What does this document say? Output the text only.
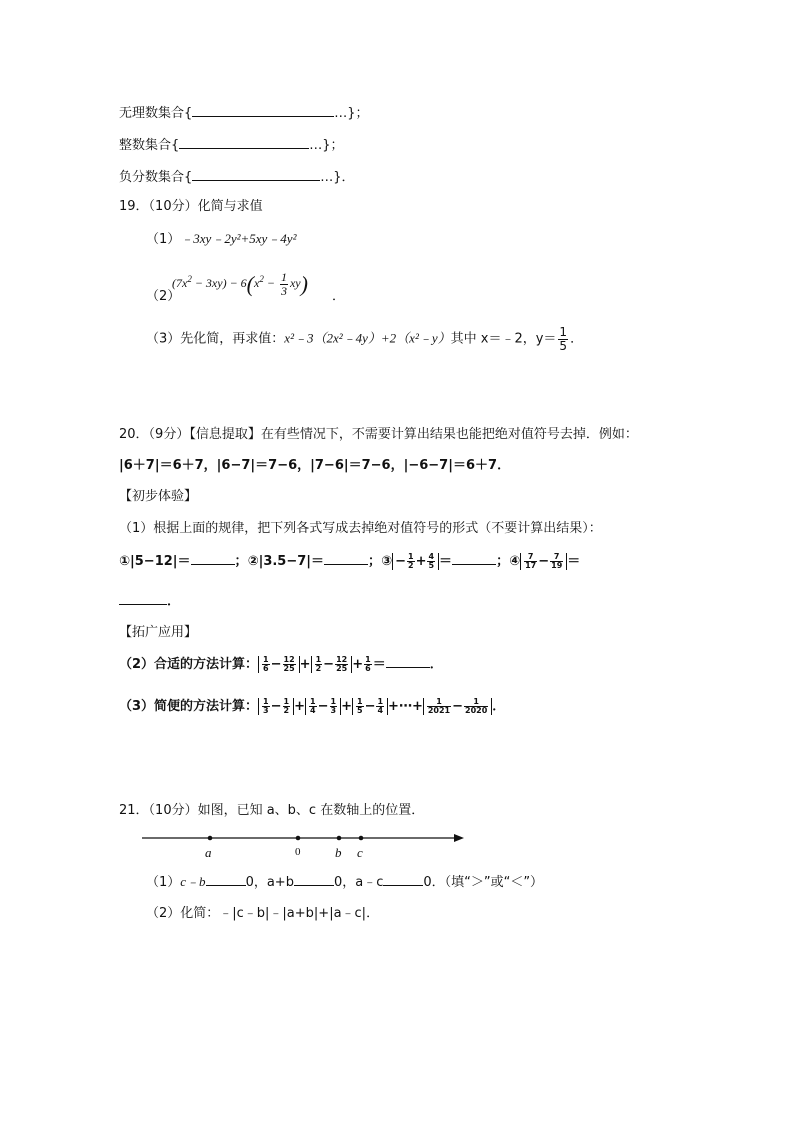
无理数集合{	…}；
整数集合{	…}；
负分数集合{	…}．
19．（10分）化简与求值
（1）﹣3xy﹣2y²+5xy﹣4y²
（2）
$(7x^2 - 3xy) - 6(x^2 - \frac{1}{3} xy)$
．
（3）先化简，再求值：x²﹣3（2x²﹣4y）+2（x²﹣y）其中 x＝﹣2，$y= \frac{1}{5}$ ．
20．（9分）【信息提取】在有些情况下，不需要计算出结果也能把绝对值符号去掉．例如：
|6＋7|＝6＋7，|6−7|＝7−6，|7−6|＝7−6，|−6−7|＝6＋7．
【初步体验】
（1）根据上面的规律，把下列各式写成去掉绝对值符号的形式（不要计算出结果）：
①|5−12|＝	；②|3.5−7|＝	；③ − $\frac{1}{2} + \frac{4}{5}$ ＝	；④ $\frac{7}{17} - \frac{7}{19}$ ＝
．
【拓广应用】
（2）合适的方法计算： $\frac{1}{6} - \frac{12}{25} + \frac{1}{2} - \frac{12}{25} + \frac{1}{6}$ ＝	．
（3）简便的方法计算： $\frac{1}{3} - \frac{1}{2} + \frac{1}{4} - \frac{1}{3} + \frac{1}{5} - \frac{1}{4}$ +⋯+ $\frac{1}{2021} - \frac{1}{2020}$ ．
21．（10分）如图，已知 a、b、c 在数轴上的位置．
a	0	b c
（1）c﹣b	0，a+b	0，a﹣c	0．（填“＞”或“＜”）
（2）化简：﹣|c﹣b|﹣|a+b|+|a﹣c|．
